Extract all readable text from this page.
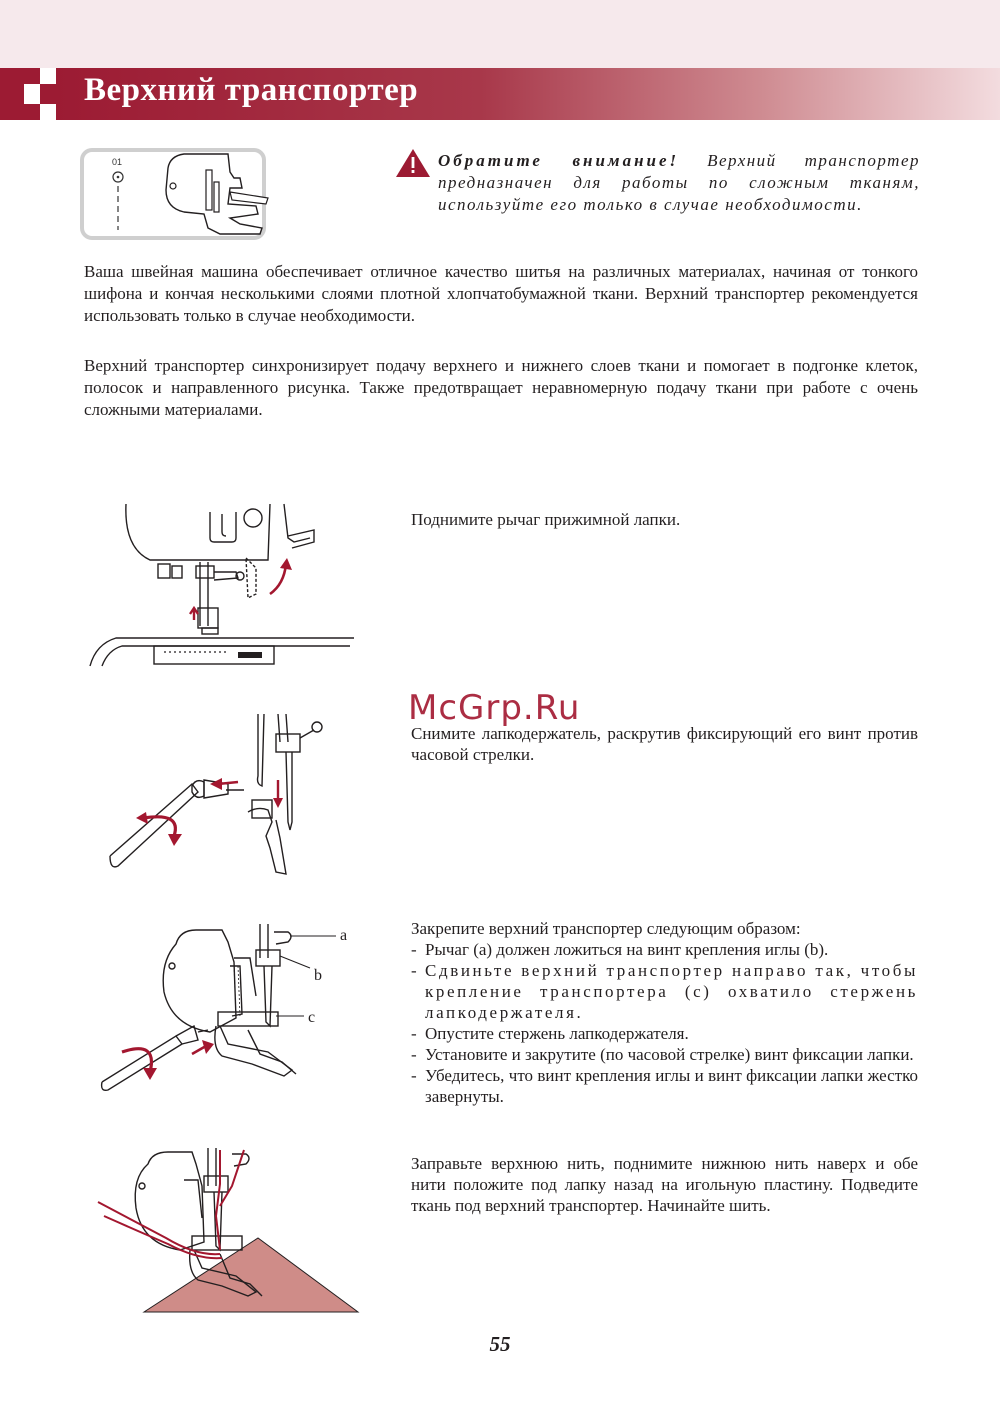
Верхний транспортер
01	Обратите внимание! Верхний транспортер предназначен для работы по сложным тканям, используйте его только в случае необходимости.
Ваша швейная машина обеспечивает отличное качество шитья на различных материалах, начиная от тонкого шифона и кончая несколькими слоями плотной хлопчатобумажной ткани. Верхний транспортер рекомендуется использовать только в случае необходимости.
Верхний транспортер синхронизирует подачу верхнего и нижнего слоев ткани и помогает в подгонке клеток, полосок и направленного рисунка. Также предотвращает неравномерную подачу ткани при работе с очень сложными материалами.
Поднимите рычаг прижимной лапки.
McGrp.Ru
Снимите лапкодержатель, раскрутив фиксирующий его винт против часовой стрелки.
a
b
c
Закрепите верхний транспортер следующим образом:
- Рычаг (а) должен ложиться на винт крепления иглы (b).
- Сдвиньте верхний транспортер направо так, чтобы крепление транспортера (с) охватило стержень лапкодержателя.
- Опустите стержень лапкодержателя.
- Установите и закрутите (по часовой стрелке) винт фиксации лапки.
- Убедитесь, что винт крепления иглы и винт фиксации лапки жестко завернуты.
Заправьте верхнюю нить, поднимите нижнюю нить наверх и обе нити положите под лапку назад на игольную пластину. Подведите ткань под верхний транспортер. Начинайте шить.
55
